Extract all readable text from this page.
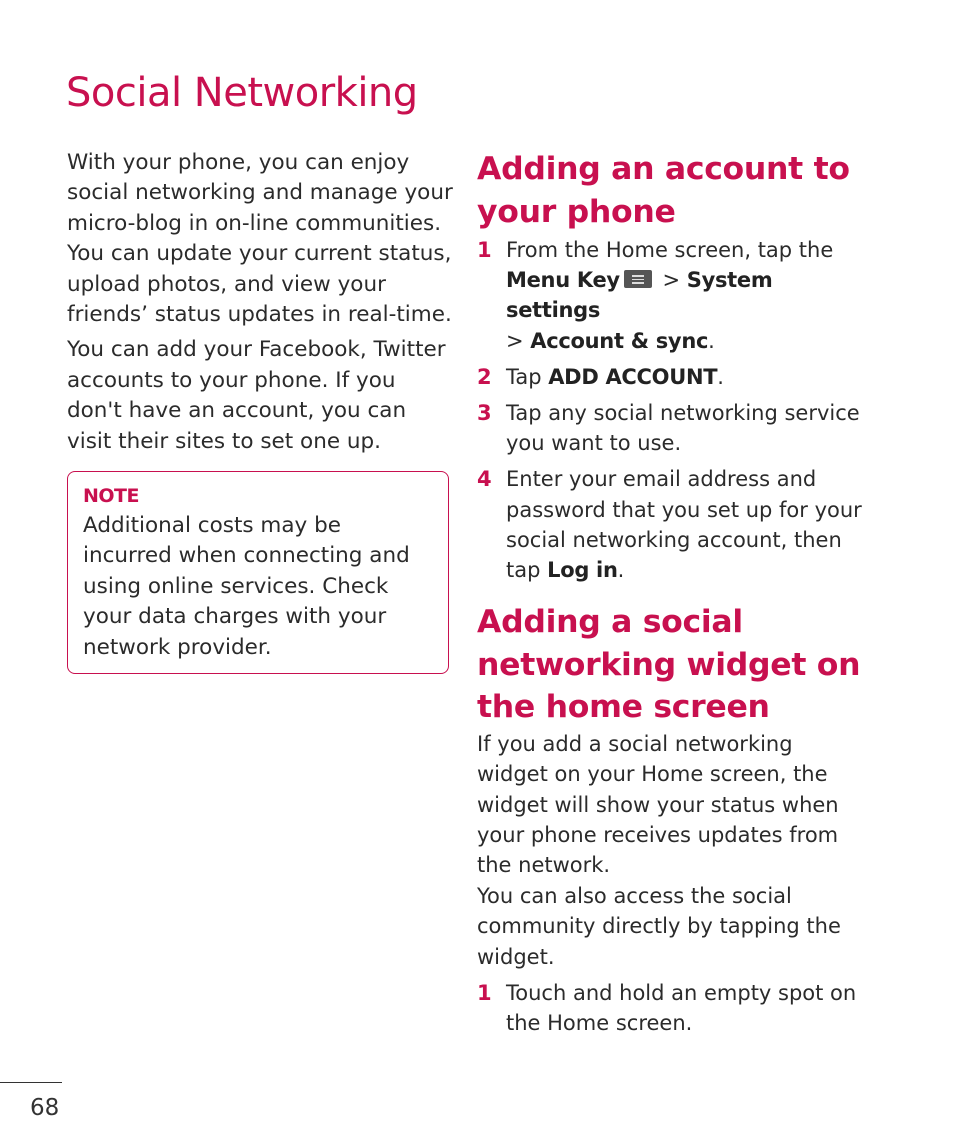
Social Networking

With your phone, you can enjoy social networking and manage your micro-blog in on-line communities. You can update your current status, upload photos, and view your friends’ status updates in real-time.

You can add your Facebook, Twitter accounts to your phone. If you don't have an account, you can visit their sites to set one up.

NOTE

Additional costs may be incurred when connecting and using online services. Check your data charges with your network provider.

Adding an account to your phone
1 From the Home screen, tap the Menu Key
> System settings
> Account & sync.
2 Tap ADD ACCOUNT.
3 Tap any social networking service you want to use.
4 Enter your email address and password that you set up for your social networking account, then tap Log in.
Adding a social networking widget on the home screen

If you add a social networking widget on your Home screen, the widget will show your status when your phone receives updates from the network.

You can also access the social community directly by tapping the widget.

1 Touch and hold an empty spot on the Home screen.

68
